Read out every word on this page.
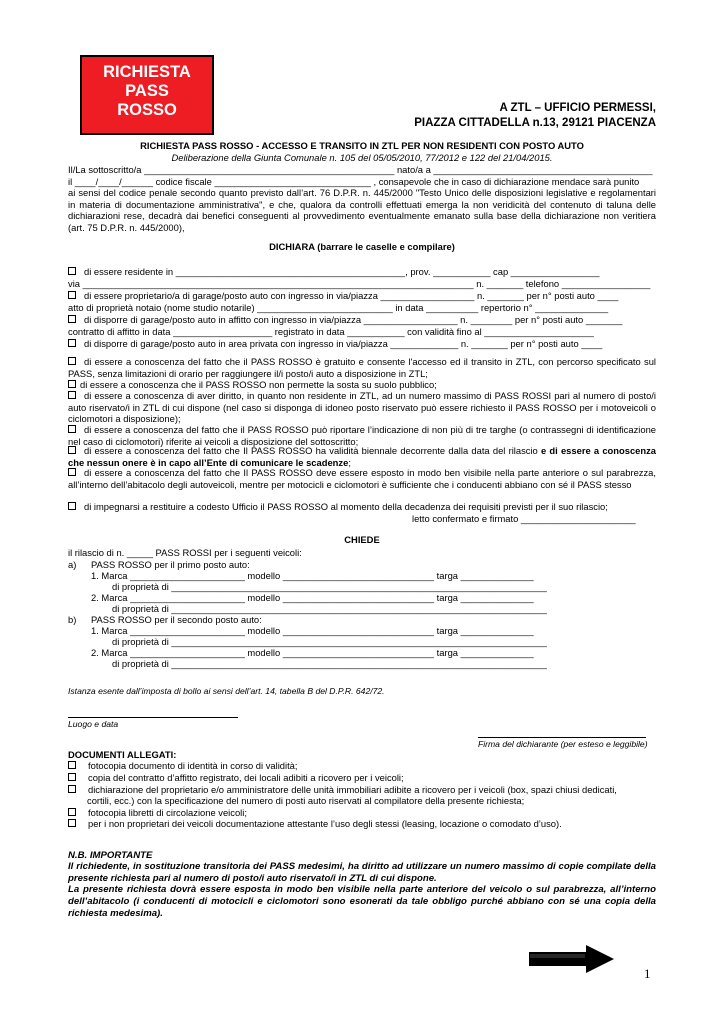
RICHIESTA
PASS
ROSSO	A ZTL – UFFICIO PERMESSI,
PIAZZA CITTADELLA n.13, 29121 PIACENZA
RICHIESTA PASS ROSSO - ACCESSO E TRANSITO IN ZTL PER NON RESIDENTI CON POSTO AUTO
Deliberazione della Giunta Comunale n. 105 del 05/05/2010, 77/2012 e 122 del 21/04/2015.
Il/La sottoscritto/a ________________________________________________ nato/a a __________________________________________
il ____/____/______ codice fiscale ______________________________ , consapevole che in caso di dichiarazione mendace sarà punito
ai sensi del codice penale secondo quanto previsto dall’art. 76 D.P.R. n. 445/2000 "Testo Unico delle disposizioni legislative e regolamentari in materia di documentazione amministrativa", e che, qualora da controlli effettuati emerga la non veridicità del contenuto di taluna delle dichiarazioni rese, decadrà dai benefici conseguenti al provvedimento eventualmente emanato sulla base della dichiarazione non veritiera (art. 75 D.P.R. n. 445/2000),
DICHIARA (barrare le caselle e compilare)
di essere residente in ____________________________________________, prov. ___________ cap _________________
via ___________________________________________________________________________ n. _______ telefono _________________
di essere proprietario/a di garage/posto auto con ingresso in via/piazza __________________ n. _______ per n° posti auto ____
atto di proprietà notaio (nome studio notarile) __________________________ in data __________ repertorio n° ______________
di disporre di garage/posto auto in affitto con ingresso in via/piazza __________________ n. ________ per n° posti auto _______
contratto di affitto in data ___________________ registrato in data ___________ con validità fino al _____________________
di disporre di garage/posto auto in area privata con ingresso in via/piazza _____________ n. _______ per n° posti auto ____
di essere a conoscenza del fatto che il PASS ROSSO è gratuito e consente l'accesso ed il transito in ZTL, con percorso specificato sul PASS, senza limitazioni di orario per raggiungere il/i posto/i auto a disposizione in ZTL;
di essere a conoscenza che il PASS ROSSO non permette la sosta su suolo pubblico;
di essere a conoscenza di aver diritto, in quanto non residente in ZTL, ad un numero massimo di PASS ROSSI pari al numero di posto/i auto riservato/i in ZTL di cui dispone (nel caso si disponga di idoneo posto riservato può essere richiesto il PASS ROSSO per i motoveicoli o ciclomotori a disposizione);
di essere a conoscenza del fatto che il PASS ROSSO può riportare l’indicazione di non più di tre targhe (o contrassegni di identificazione nel caso di ciclomotori) riferite ai veicoli a disposizione del sottoscritto;
di essere a conoscenza del fatto che Il PASS ROSSO ha validità biennale decorrente dalla data del rilascio e di essere a conoscenza che nessun onere è in capo all’Ente di comunicare le scadenze;
di essere a conoscenza del fatto che Il PASS ROSSO deve essere esposto in modo ben visibile nella parte anteriore o sul parabrezza, all’interno dell’abitacolo degli autoveicoli, mentre per motocicli e ciclomotori è sufficiente che i conducenti abbiano con sé il PASS stesso
di impegnarsi a restituire a codesto Ufficio il PASS ROSSO al momento della decadenza dei requisiti previsti per il suo rilascio;
letto confermato e firmato ______________________
CHIEDE
il rilascio di n. _____ PASS ROSSI per i seguenti veicoli:
a) PASS ROSSO per il primo posto auto:
1. Marca ______________________ modello _____________________________ targa ______________
di proprietà di ________________________________________________________________________
2. Marca ______________________ modello _____________________________ targa ______________
di proprietà di ________________________________________________________________________
b) PASS ROSSO per il secondo posto auto:
1. Marca ______________________ modello _____________________________ targa ______________
di proprietà di ________________________________________________________________________
2. Marca ______________________ modello _____________________________ targa ______________
di proprietà di ________________________________________________________________________
Istanza esente dall’imposta di bollo ai sensi dell’art. 14, tabella B del D.P.R. 642/72.
Luogo e data
Firma del dichiarante (per esteso e leggibile)
DOCUMENTI ALLEGATI:
fotocopia documento di identità in corso di validità;
copia del contratto d’affitto registrato, dei locali adibiti a ricovero per i veicoli;
dichiarazione del proprietario e/o amministratore delle unità immobiliari adibite a ricovero per i veicoli (box, spazi chiusi dedicati,
cortili, ecc.) con la specificazione del numero di posti auto riservati al compilatore della presente richiesta;
fotocopia libretti di circolazione veicoli;
per i non proprietari dei veicoli documentazione attestante l’uso degli stessi (leasing, locazione o comodato d’uso).
N.B. IMPORTANTE
Il richiedente, in sostituzione transitoria dei PASS medesimi, ha diritto ad utilizzare un numero massimo di copie compilate della presente richiesta pari al numero di posto/i auto riservato/i in ZTL di cui dispone.
La presente richiesta dovrà essere esposta in modo ben visibile nella parte anteriore del veicolo o sul parabrezza, all’interno dell’abitacolo (i conducenti di motocicli e ciclomotori sono esonerati da tale obbligo purché abbiano con sé una copia della richiesta medesima).
1
